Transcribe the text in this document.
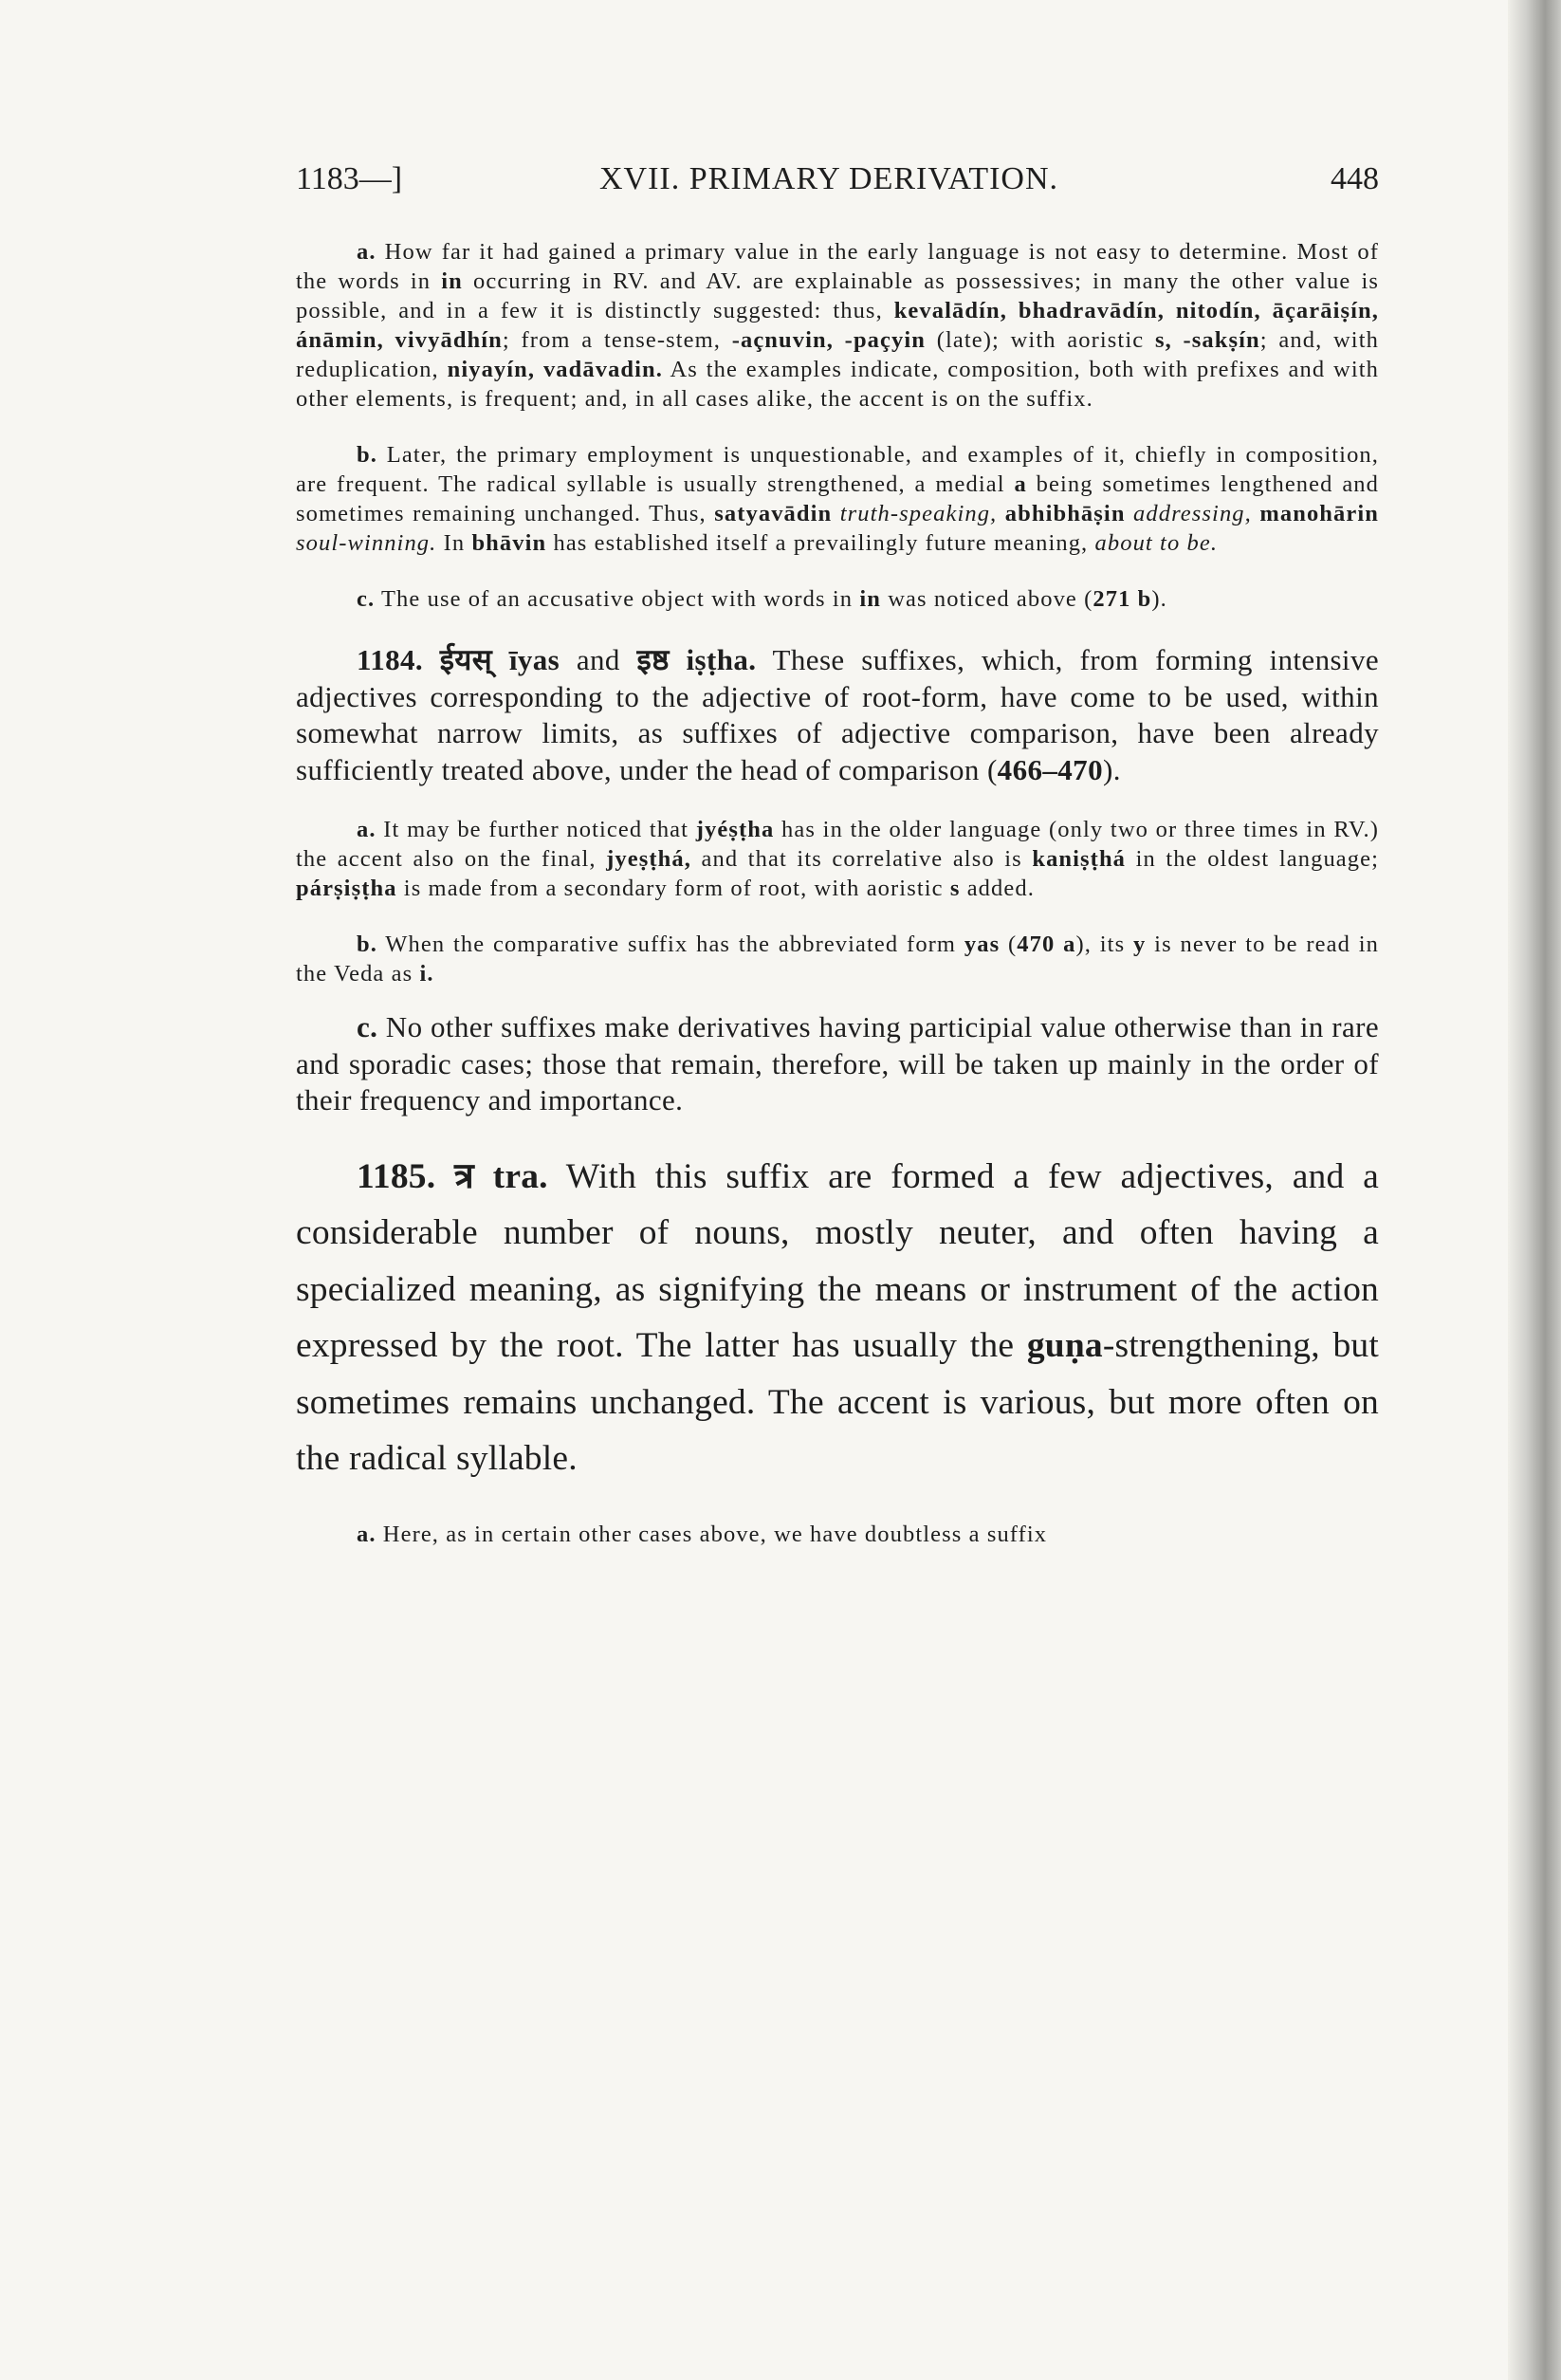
1183—]	XVII. PRIMARY DERIVATION.	448

a. How far it had gained a primary value in the early language is not easy to determine. Most of the words in in occurring in RV. and AV. are explainable as possessives; in many the other value is possible, and in a few it is distinctly suggested: thus, kevalādín, bhadravādín, nitodín, āçarāiṣín, ánāmin, vivyādhín; from a tense-stem, -açnuvin, -paçyin (late); with aoristic s, -sakṣín; and, with reduplication, niyayín, vadāvadin. As the examples indicate, composition, both with prefixes and with other elements, is frequent; and, in all cases alike, the accent is on the suffix.

b. Later, the primary employment is unquestionable, and examples of it, chiefly in composition, are frequent. The radical syllable is usually strengthened, a medial a being sometimes lengthened and sometimes remaining unchanged. Thus, satyavādin truth-speaking, abhibhāṣin addressing, manohārin soul-winning. In bhāvin has established itself a prevailingly future meaning, about to be.

c. The use of an accusative object with words in in was noticed above (271 b).

1184. ईयस् īyas and इष्ठ iṣṭha. These suffixes, which, from forming intensive adjectives corresponding to the adjective of root-form, have come to be used, within somewhat narrow limits, as suffixes of adjective comparison, have been already sufficiently treated above, under the head of comparison (466–470).

a. It may be further noticed that jyéṣṭha has in the older language (only two or three times in RV.) the accent also on the final, jyeṣṭhá, and that its correlative also is kaniṣṭhá in the oldest language; párṣiṣṭha is made from a secondary form of root, with aoristic s added.

b. When the comparative suffix has the abbreviated form yas (470 a), its y is never to be read in the Veda as i.

c. No other suffixes make derivatives having participial value otherwise than in rare and sporadic cases; those that remain, therefore, will be taken up mainly in the order of their frequency and importance.

1185. त्र tra. With this suffix are formed a few adjectives, and a considerable number of nouns, mostly neuter, and often having a specialized meaning, as signifying the means or instrument of the action expressed by the root. The latter has usually the guṇa-strengthening, but sometimes remains unchanged. The accent is various, but more often on the radical syllable.

a. Here, as in certain other cases above, we have doubtless a suffix
